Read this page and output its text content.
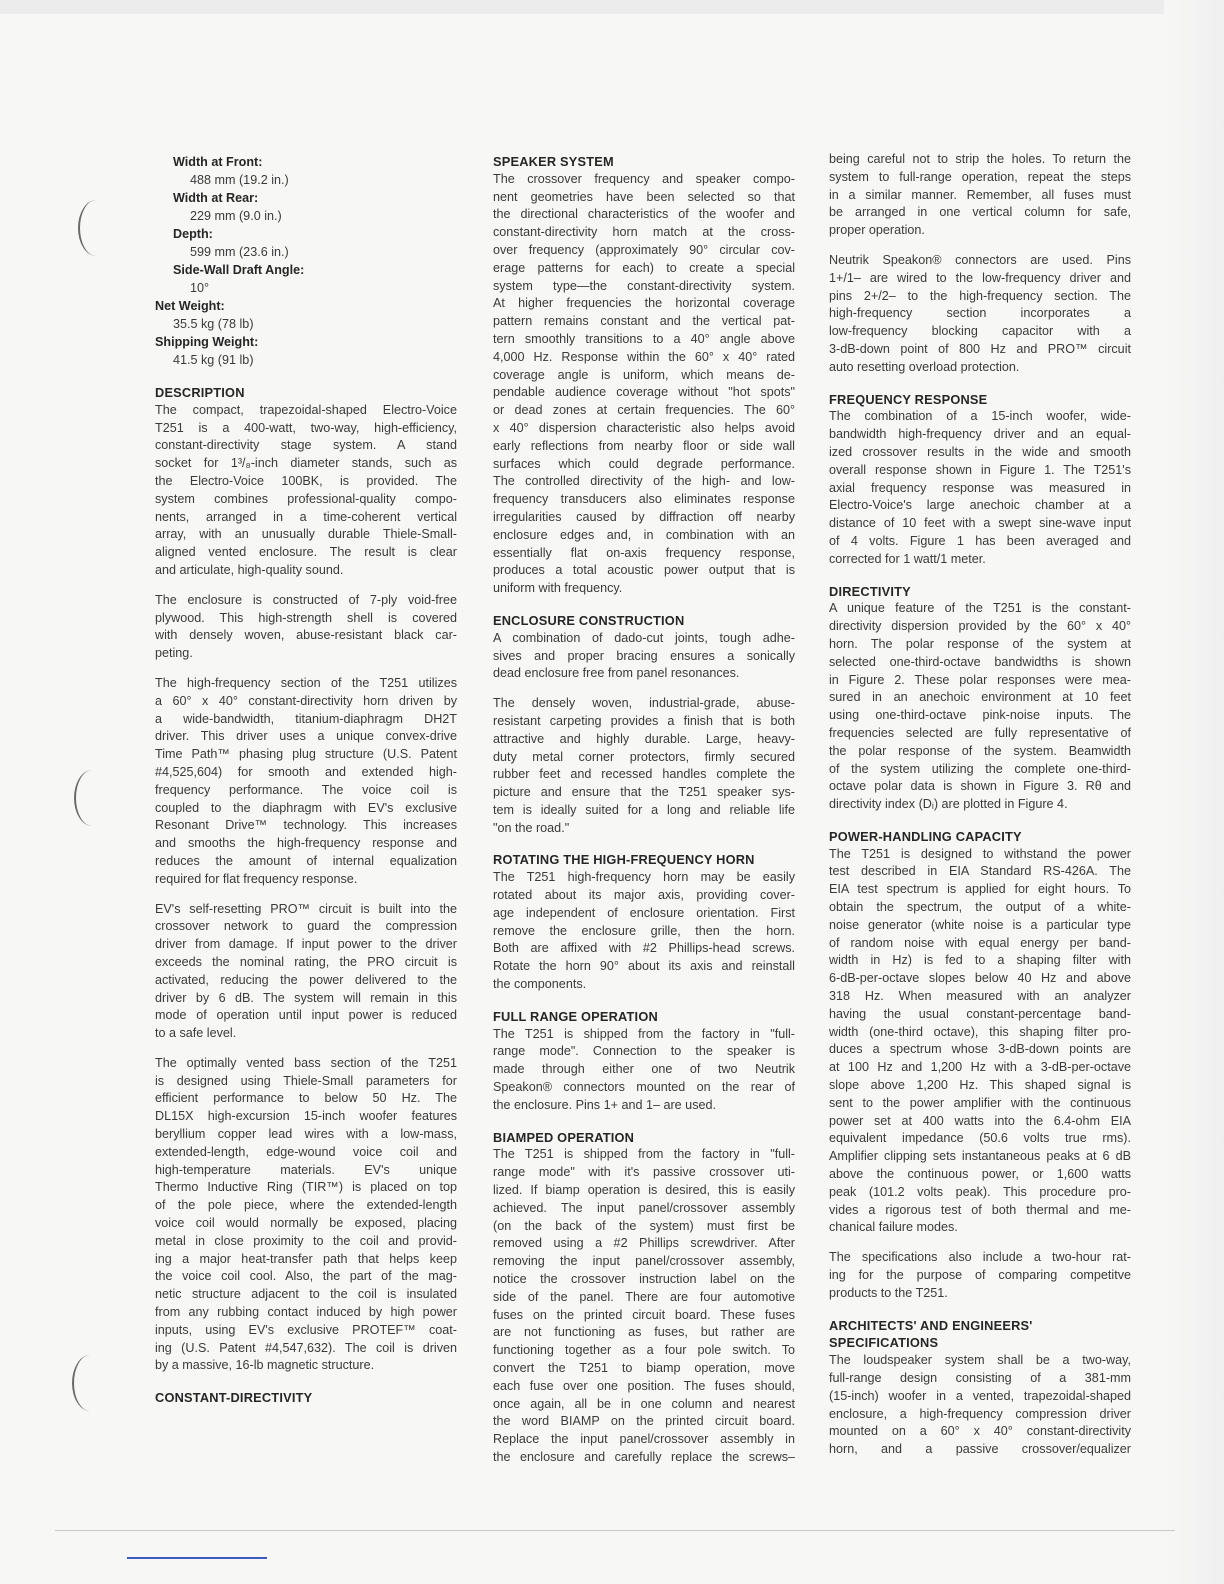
Width at Front:
488 mm (19.2 in.)
Width at Rear:
229 mm (9.0 in.)
Depth:
599 mm (23.6 in.)
Side-Wall Draft Angle:
10°
Net Weight:
35.5 kg (78 lb)
Shipping Weight:
41.5 kg (91 lb)
DESCRIPTION
The compact, trapezoidal-shaped Electro-Voice
T251 is a 400-watt, two-way, high-efficiency,
constant-directivity stage system. A stand
socket for 1³/₈-inch diameter stands, such as
the Electro-Voice 100BK, is provided. The
system combines professional-quality compo-
nents, arranged in a time-coherent vertical
array, with an unusually durable Thiele-Small-
aligned vented enclosure. The result is clear
and articulate, high-quality sound.
The enclosure is constructed of 7-ply void-free
plywood. This high-strength shell is covered
with densely woven, abuse-resistant black car-
peting.
The high-frequency section of the T251 utilizes
a 60° x 40° constant-directivity horn driven by
a wide-bandwidth, titanium-diaphragm DH2T
driver. This driver uses a unique convex-drive
Time Path™ phasing plug structure (U.S. Patent
#4,525,604) for smooth and extended high-
frequency performance. The voice coil is
coupled to the diaphragm with EV's exclusive
Resonant Drive™ technology. This increases
and smooths the high-frequency response and
reduces the amount of internal equalization
required for flat frequency response.
EV's self-resetting PRO™ circuit is built into the
crossover network to guard the compression
driver from damage. If input power to the driver
exceeds the nominal rating, the PRO circuit is
activated, reducing the power delivered to the
driver by 6 dB. The system will remain in this
mode of operation until input power is reduced
to a safe level.
The optimally vented bass section of the T251
is designed using Thiele-Small parameters for
efficient performance to below 50 Hz. The
DL15X high-excursion 15-inch woofer features
beryllium copper lead wires with a low-mass,
extended-length, edge-wound voice coil and
high-temperature materials. EV's unique
Thermo Inductive Ring (TIR™) is placed on top
of the pole piece, where the extended-length
voice coil would normally be exposed, placing
metal in close proximity to the coil and provid-
ing a major heat-transfer path that helps keep
the voice coil cool. Also, the part of the mag-
netic structure adjacent to the coil is insulated
from any rubbing contact induced by high power
inputs, using EV's exclusive PROTEF™ coat-
ing (U.S. Patent #4,547,632). The coil is driven
by a massive, 16-lb magnetic structure.
CONSTANT-DIRECTIVITY
SPEAKER SYSTEM
The crossover frequency and speaker compo-
nent geometries have been selected so that
the directional characteristics of the woofer and
constant-directivity horn match at the cross-
over frequency (approximately 90° circular cov-
erage patterns for each) to create a special
system type—the constant-directivity system.
At higher frequencies the horizontal coverage
pattern remains constant and the vertical pat-
tern smoothly transitions to a 40° angle above
4,000 Hz. Response within the 60° x 40° rated
coverage angle is uniform, which means de-
pendable audience coverage without "hot spots"
or dead zones at certain frequencies. The 60°
x 40° dispersion characteristic also helps avoid
early reflections from nearby floor or side wall
surfaces which could degrade performance.
The controlled directivity of the high- and low-
frequency transducers also eliminates response
irregularities caused by diffraction off nearby
enclosure edges and, in combination with an
essentially flat on-axis frequency response,
produces a total acoustic power output that is
uniform with frequency.
ENCLOSURE CONSTRUCTION
A combination of dado-cut joints, tough adhe-
sives and proper bracing ensures a sonically
dead enclosure free from panel resonances.
The densely woven, industrial-grade, abuse-
resistant carpeting provides a finish that is both
attractive and highly durable. Large, heavy-
duty metal corner protectors, firmly secured
rubber feet and recessed handles complete the
picture and ensure that the T251 speaker sys-
tem is ideally suited for a long and reliable life
"on the road."
ROTATING THE HIGH-FREQUENCY HORN
The T251 high-frequency horn may be easily
rotated about its major axis, providing cover-
age independent of enclosure orientation. First
remove the enclosure grille, then the horn.
Both are affixed with #2 Phillips-head screws.
Rotate the horn 90° about its axis and reinstall
the components.
FULL RANGE OPERATION
The T251 is shipped from the factory in "full-
range mode". Connection to the speaker is
made through either one of two Neutrik
Speakon® connectors mounted on the rear of
the enclosure. Pins 1+ and 1– are used.
BIAMPED OPERATION
The T251 is shipped from the factory in "full-
range mode" with it's passive crossover uti-
lized. If biamp operation is desired, this is easily
achieved. The input panel/crossover assembly
(on the back of the system) must first be
removed using a #2 Phillips screwdriver. After
removing the input panel/crossover assembly,
notice the crossover instruction label on the
side of the panel. There are four automotive
fuses on the printed circuit board. These fuses
are not functioning as fuses, but rather are
functioning together as a four pole switch. To
convert the T251 to biamp operation, move
each fuse over one position. The fuses should,
once again, all be in one column and nearest
the word BIAMP on the printed circuit board.
Replace the input panel/crossover assembly in
the enclosure and carefully replace the screws–
being careful not to strip the holes. To return the
system to full-range operation, repeat the steps
in a similar manner. Remember, all fuses must
be arranged in one vertical column for safe,
proper operation.
Neutrik Speakon® connectors are used. Pins
1+/1– are wired to the low-frequency driver and
pins 2+/2– to the high-frequency section. The
high-frequency section incorporates a
low-frequency blocking capacitor with a
3-dB-down point of 800 Hz and PRO™ circuit
auto resetting overload protection.
FREQUENCY RESPONSE
The combination of a 15-inch woofer, wide-
bandwidth high-frequency driver and an equal-
ized crossover results in the wide and smooth
overall response shown in Figure 1. The T251's
axial frequency response was measured in
Electro-Voice's large anechoic chamber at a
distance of 10 feet with a swept sine-wave input
of 4 volts. Figure 1 has been averaged and
corrected for 1 watt/1 meter.
DIRECTIVITY
A unique feature of the T251 is the constant-
directivity dispersion provided by the 60° x 40°
horn. The polar response of the system at
selected one-third-octave bandwidths is shown
in Figure 2. These polar responses were mea-
sured in an anechoic environment at 10 feet
using one-third-octave pink-noise inputs. The
frequencies selected are fully representative of
the polar response of the system. Beamwidth
of the system utilizing the complete one-third-
octave polar data is shown in Figure 3. Rθ and
directivity index (Dᵢ) are plotted in Figure 4.
POWER-HANDLING CAPACITY
The T251 is designed to withstand the power
test described in EIA Standard RS-426A. The
EIA test spectrum is applied for eight hours. To
obtain the spectrum, the output of a white-
noise generator (white noise is a particular type
of random noise with equal energy per band-
width in Hz) is fed to a shaping filter with
6-dB-per-octave slopes below 40 Hz and above
318 Hz. When measured with an analyzer
having the usual constant-percentage band-
width (one-third octave), this shaping filter pro-
duces a spectrum whose 3-dB-down points are
at 100 Hz and 1,200 Hz with a 3-dB-per-octave
slope above 1,200 Hz. This shaped signal is
sent to the power amplifier with the continuous
power set at 400 watts into the 6.4-ohm EIA
equivalent impedance (50.6 volts true rms).
Amplifier clipping sets instantaneous peaks at 6 dB
above the continuous power, or 1,600 watts
peak (101.2 volts peak). This procedure pro-
vides a rigorous test of both thermal and me-
chanical failure modes.
The specifications also include a two-hour rat-
ing for the purpose of comparing competitve
products to the T251.
ARCHITECTS' AND ENGINEERS'
SPECIFICATIONS
The loudspeaker system shall be a two-way,
full-range design consisting of a 381-mm
(15-inch) woofer in a vented, trapezoidal-shaped
enclosure, a high-frequency compression driver
mounted on a 60° x 40° constant-directivity
horn, and a passive crossover/equalizer
